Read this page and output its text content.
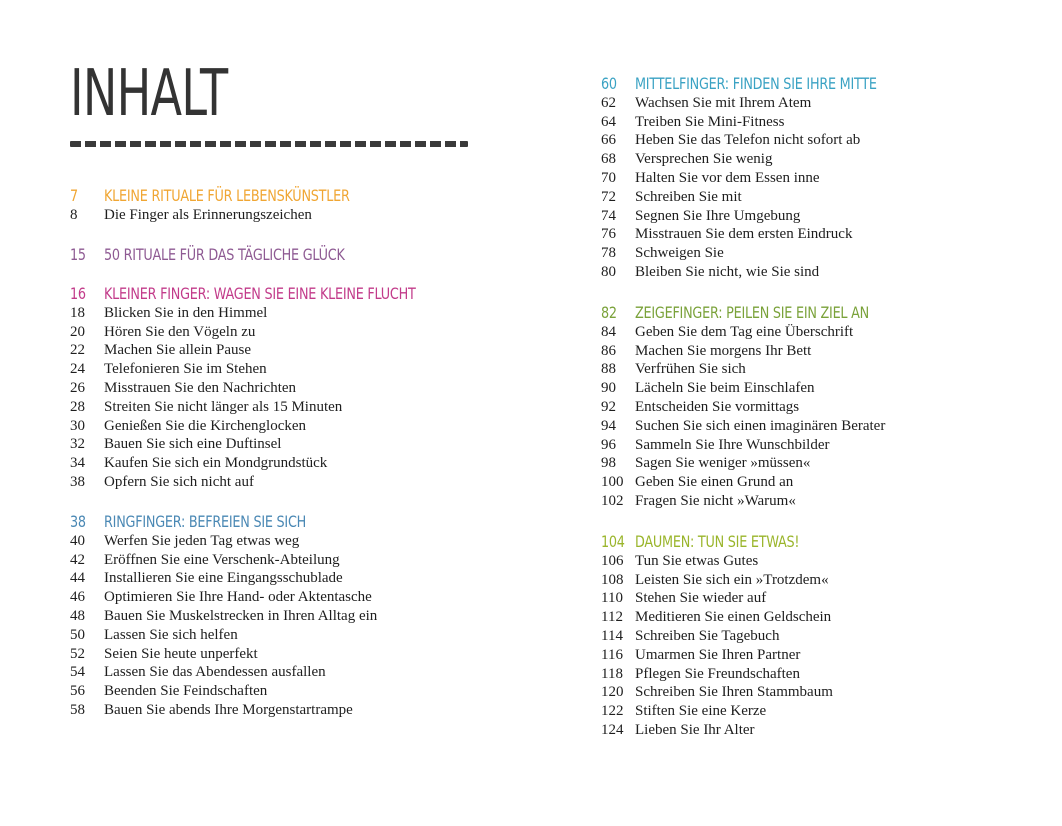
INHALT
7	KLEINE RITUALE FÜR LEBENSKÜNSTLER
8	Die Finger als Erinnerungszeichen
15	50 RITUALE FÜR DAS TÄGLICHE GLÜCK
16	KLEINER FINGER: WAGEN SIE EINE KLEINE FLUCHT
18	Blicken Sie in den Himmel
20	Hören Sie den Vögeln zu
22	Machen Sie allein Pause
24	Telefonieren Sie im Stehen
26	Misstrauen Sie den Nachrichten
28	Streiten Sie nicht länger als 15 Minuten
30	Genießen Sie die Kirchenglocken
32	Bauen Sie sich eine Duftinsel
34	Kaufen Sie sich ein Mondgrundstück
38	Opfern Sie sich nicht auf
38	RINGFINGER: BEFREIEN SIE SICH
40	Werfen Sie jeden Tag etwas weg
42	Eröffnen Sie eine Verschenk-Abteilung
44	Installieren Sie eine Eingangsschublade
46	Optimieren Sie Ihre Hand- oder Aktentasche
48	Bauen Sie Muskelstrecken in Ihren Alltag ein
50	Lassen Sie sich helfen
52	Seien Sie heute unperfekt
54	Lassen Sie das Abendessen ausfallen
56	Beenden Sie Feindschaften
58	Bauen Sie abends Ihre Morgenstartrampe
60	MITTELFINGER: FINDEN SIE IHRE MITTE
62	Wachsen Sie mit Ihrem Atem
64	Treiben Sie Mini-Fitness
66	Heben Sie das Telefon nicht sofort ab
68	Versprechen Sie wenig
70	Halten Sie vor dem Essen inne
72	Schreiben Sie mit
74	Segnen Sie Ihre Umgebung
76	Misstrauen Sie dem ersten Eindruck
78	Schweigen Sie
80	Bleiben Sie nicht, wie Sie sind
82	ZEIGEFINGER: PEILEN SIE EIN ZIEL AN
84	Geben Sie dem Tag eine Überschrift
86	Machen Sie morgens Ihr Bett
88	Verfrühen Sie sich
90	Lächeln Sie beim Einschlafen
92	Entscheiden Sie vormittags
94	Suchen Sie sich einen imaginären Berater
96	Sammeln Sie Ihre Wunschbilder
98	Sagen Sie weniger »müssen«
100 Geben Sie einen Grund an
102 Fragen Sie nicht »Warum«
104 DAUMEN: TUN SIE ETWAS!
106 Tun Sie etwas Gutes
108 Leisten Sie sich ein »Trotzdem«
110 Stehen Sie wieder auf
112 Meditieren Sie einen Geldschein
114 Schreiben Sie Tagebuch
116 Umarmen Sie Ihren Partner
118 Pflegen Sie Freundschaften
120 Schreiben Sie Ihren Stammbaum
122 Stiften Sie eine Kerze
124 Lieben Sie Ihr Alter
